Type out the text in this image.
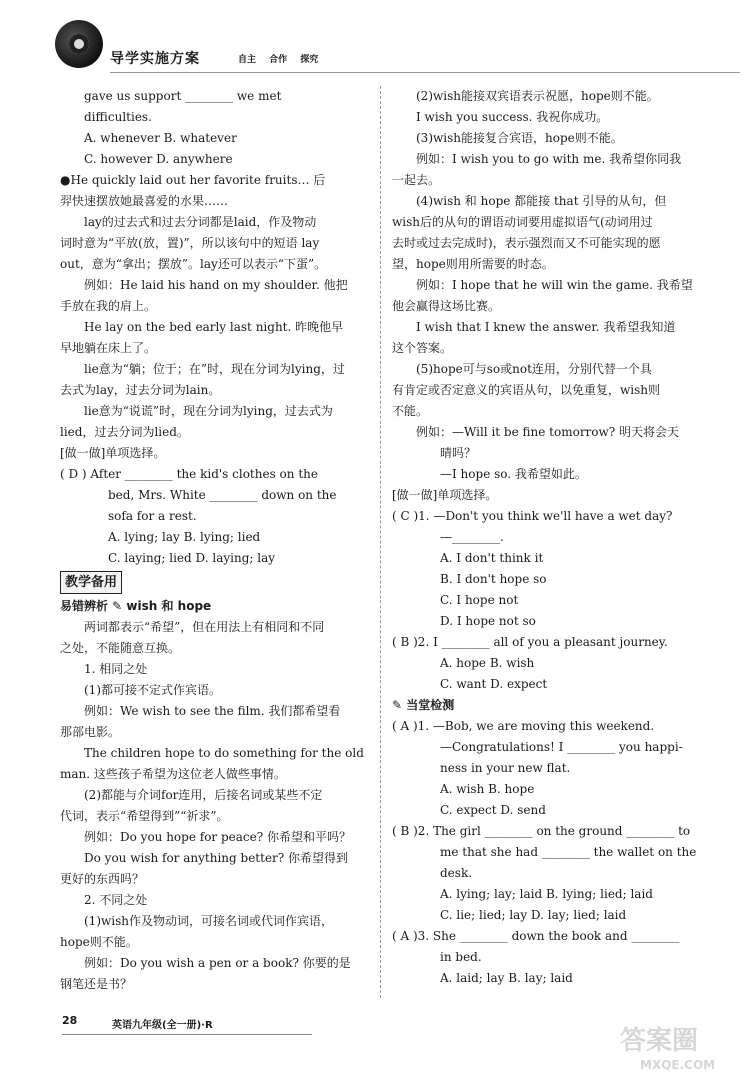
导学实施方案	自主 合作 探究
gave us support ________ we met
difficulties.
A. whenever B. whatever
C. however D. anywhere
● He quickly laid out her favorite fruits… 后
羿快速摆放她最喜爱的水果……
lay的过去式和过去分词都是laid，作及物动
词时意为“平放(放，置)”，所以该句中的短语 lay
out，意为“拿出；摆放”。lay还可以表示“下蛋”。
例如：He laid his hand on my shoulder. 他把
手放在我的肩上。
He lay on the bed early last night. 昨晚他早
早地躺在床上了。
lie意为“躺；位于；在”时，现在分词为lying，过
去式为lay，过去分词为lain。
lie意为“说谎”时，现在分词为lying，过去式为
lied，过去分词为lied。
[做一做]单项选择。
( D ) After ________ the kid's clothes on the
bed, Mrs. White ________ down on the
sofa for a rest.
A. lying; lay B. lying; lied
C. laying; lied D. laying; lay
教学备用
易错辨析 ✎ wish 和 hope
两词都表示“希望”，但在用法上有相同和不同
之处，不能随意互换。
1. 相同之处
(1)都可接不定式作宾语。
例如：We wish to see the film. 我们都希望看
那部电影。
The children hope to do something for the old
man. 这些孩子希望为这位老人做些事情。
(2)都能与介词for连用，后接名词或某些不定
代词，表示“希望得到”“祈求”。
例如：Do you hope for peace? 你希望和平吗？
Do you wish for anything better? 你希望得到
更好的东西吗？
2. 不同之处
(1)wish作及物动词，可接名词或代词作宾语，
hope则不能。
例如：Do you wish a pen or a book? 你要的是
钢笔还是书？
(2)wish能接双宾语表示祝愿，hope则不能。
I wish you success. 我祝你成功。
(3)wish能接复合宾语，hope则不能。
例如：I wish you to go with me. 我希望你同我
一起去。
(4)wish 和 hope 都能接 that 引导的从句，但
wish后的从句的谓语动词要用虚拟语气(动词用过
去时或过去完成时)，表示强烈而又不可能实现的愿
望，hope则用所需要的时态。
例如：I hope that he will win the game. 我希望
他会赢得这场比赛。
I wish that I knew the answer. 我希望我知道
这个答案。
(5)hope可与so或not连用，分别代替一个具
有肯定或否定意义的宾语从句，以免重复，wish则
不能。
例如：—Will it be fine tomorrow? 明天将会天
晴吗？
—I hope so. 我希望如此。
[做一做]单项选择。
( C )1. —Don't you think we'll have a wet day?
—________.
A. I don't think it
B. I don't hope so
C. I hope not
D. I hope not so
( B )2. I ________ all of you a pleasant journey.
A. hope B. wish
C. want D. expect
✎ 当堂检测
( A )1. —Bob, we are moving this weekend.
—Congratulations! I ________ you happi-
ness in your new flat.
A. wish B. hope
C. expect D. send
( B )2. The girl ________ on the ground ________ to
me that she had ________ the wallet on the
desk.
A. lying; lay; laid B. lying; lied; laid
C. lie; lied; lay D. lay; lied; laid
( A )3. She ________ down the book and ________
in bed.
A. laid; lay B. lay; laid
28	英语九年级(全一册)·R
答案圈
MXQE.COM
